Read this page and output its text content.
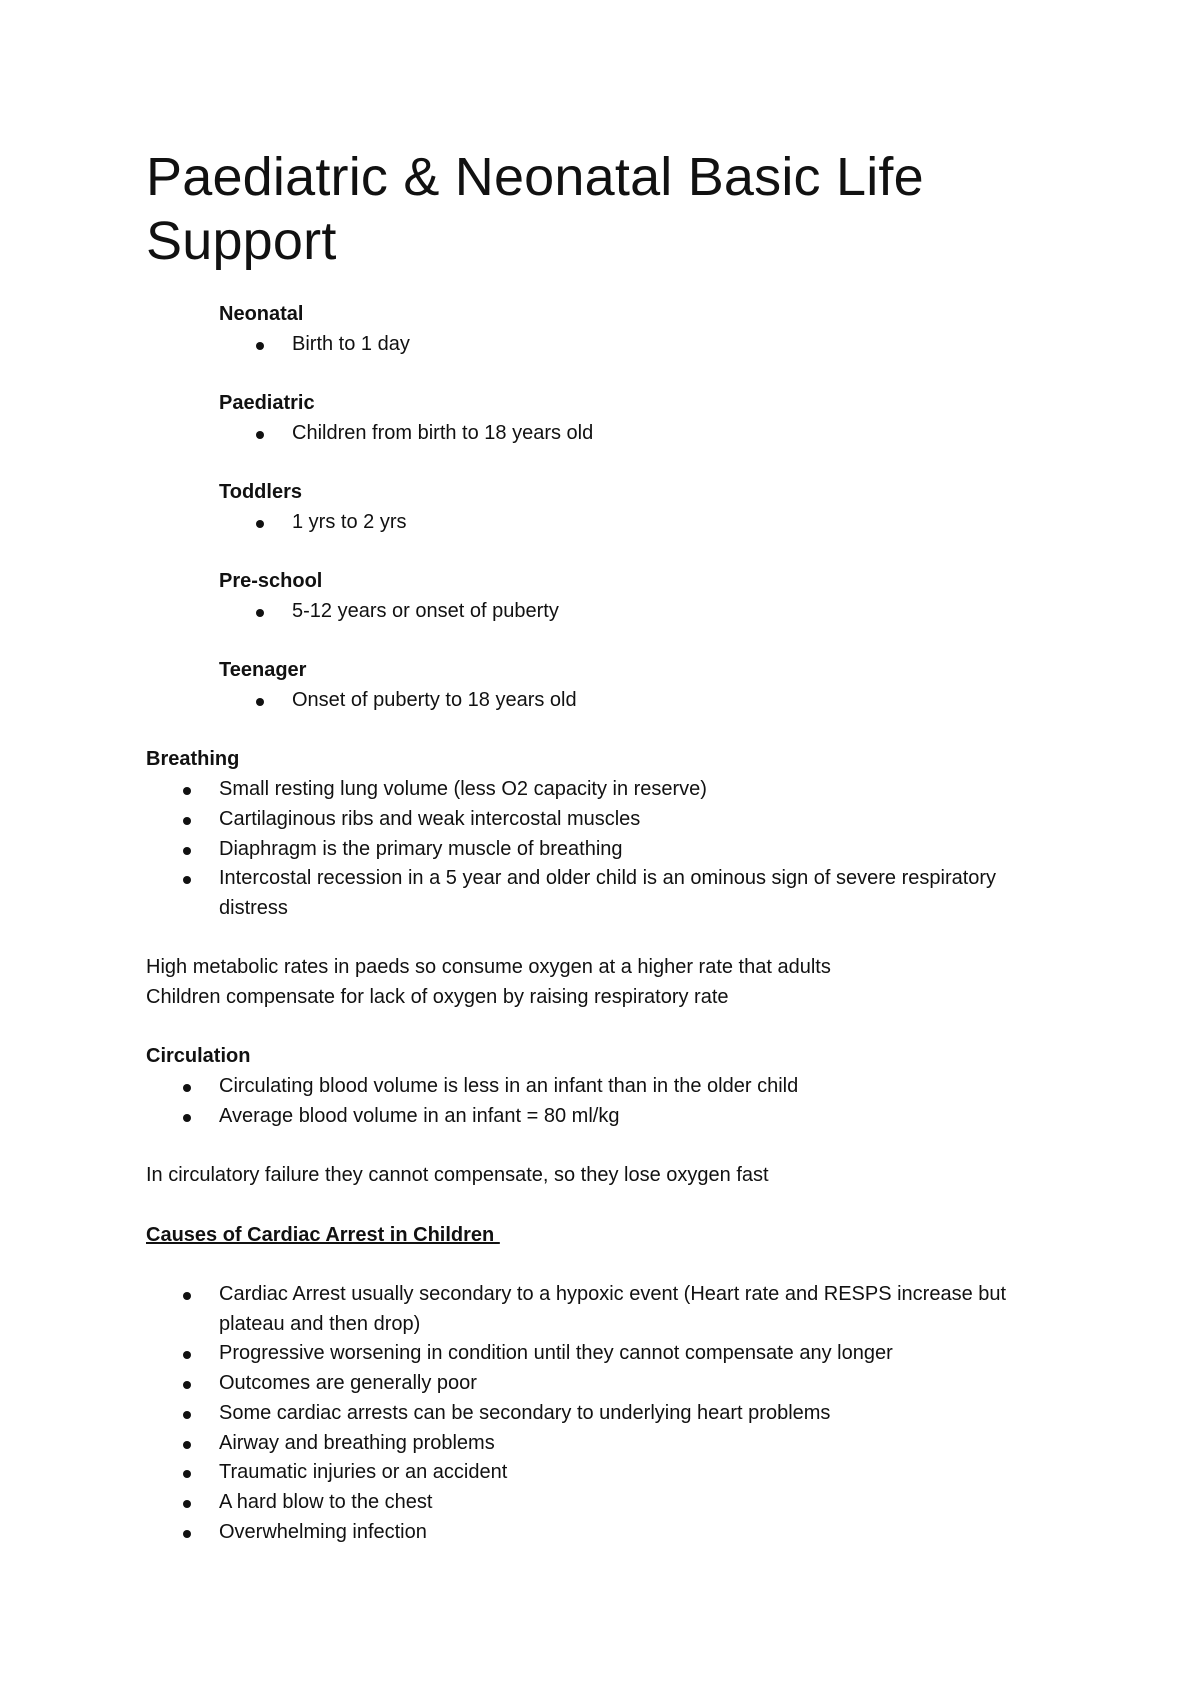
Paediatric & Neonatal Basic Life Support

Neonatal

Birth to 1 day

Paediatric

Children from birth to 18 years old

Toddlers

1 yrs to 2 yrs

Pre-school

5-12 years or onset of puberty

Teenager

Onset of puberty to 18 years old

Breathing

Small resting lung volume (less O2 capacity in reserve)
Cartilaginous ribs and weak intercostal muscles
Diaphragm is the primary muscle of breathing
Intercostal recession in a 5 year and older child is an ominous sign of severe respiratory distress

High metabolic rates in paeds so consume oxygen at a higher rate that adults

Children compensate for lack of oxygen by raising respiratory rate

Circulation

Circulating blood volume is less in an infant than in the older child
Average blood volume in an infant = 80 ml/kg

In circulatory failure they cannot compensate, so they lose oxygen fast

Causes of Cardiac Arrest in Children

Cardiac Arrest usually secondary to a hypoxic event (Heart rate and RESPS increase but plateau and then drop)
Progressive worsening in condition until they cannot compensate any longer
Outcomes are generally poor
Some cardiac arrests can be secondary to underlying heart problems
Airway and breathing problems
Traumatic injuries or an accident
A hard blow to the chest
Overwhelming infection
